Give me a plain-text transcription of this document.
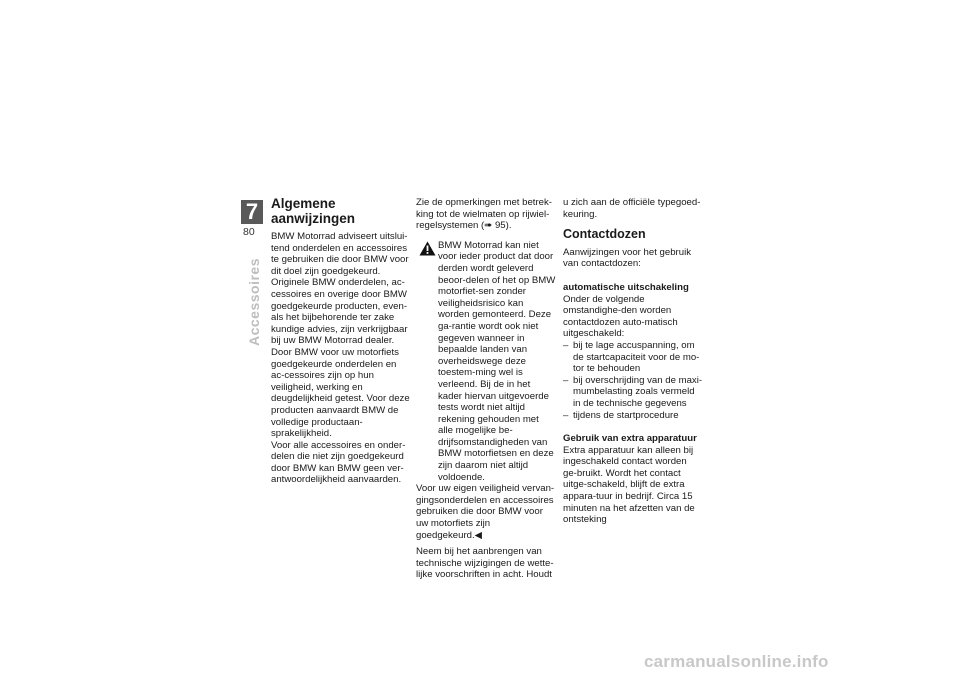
7
80
Accessoires
Algemene aanwijzingen

BMW Motorrad adviseert uitslui-tend onderdelen en accessoires te gebruiken die door BMW voor dit doel zijn goedgekeurd.

Originele BMW onderdelen, ac-cessoires en overige door BMW goedgekeurde producten, even-als het bijbehorende ter zake kundige advies, zijn verkrijgbaar bij uw BMW Motorrad dealer.

Door BMW voor uw motorfiets goedgekeurde onderdelen en ac-cessoires zijn op hun veiligheid, werking en deugdelijkheid getest. Voor deze producten aanvaardt BMW de volledige productaan-sprakelijkheid.

Voor alle accessoires en onder-delen die niet zijn goedgekeurd door BMW kan BMW geen ver-antwoordelijkheid aanvaarden.

Zie de opmerkingen met betrek-king tot de wielmaten op rijwiel-regelsystemen (➠ 95).

BMW Motorrad kan niet voor ieder product dat door derden wordt geleverd beoor-delen of het op BMW motorfiet-sen zonder veiligheidsrisico kan worden gemonteerd. Deze ga-rantie wordt ook niet gegeven wanneer in bepaalde landen van overheidswege deze toestem-ming wel is verleend. Bij de in het kader hiervan uitgevoerde tests wordt niet altijd rekening gehouden met alle mogelijke be-drijfsomstandigheden van BMW motorfietsen en deze zijn daarom niet altijd voldoende.

Voor uw eigen veiligheid vervan-gingsonderdelen en accessoires gebruiken die door BMW voor uw motorfiets zijn goedgekeurd.◀

Neem bij het aanbrengen van technische wijzigingen de wette-lijke voorschriften in acht. Houdt

u zich aan de officiële typegoed-keuring.

Contactdozen

Aanwijzingen voor het gebruik van contactdozen:

automatische uitschakeling

Onder de volgende omstandighe-den worden contactdozen auto-matisch uitgeschakeld:

– bij te lage accuspanning, om de startcapaciteit voor de mo-tor te behouden
– bij overschrijding van de maxi-mumbelasting zoals vermeld in de technische gegevens
– tijdens de startprocedure

Gebruik van extra apparatuur

Extra apparatuur kan alleen bij ingeschakeld contact worden ge-bruikt. Wordt het contact uitge-schakeld, blijft de extra appara-tuur in bedrijf. Circa 15 minuten na het afzetten van de ontsteking

carmanualsonline.info
